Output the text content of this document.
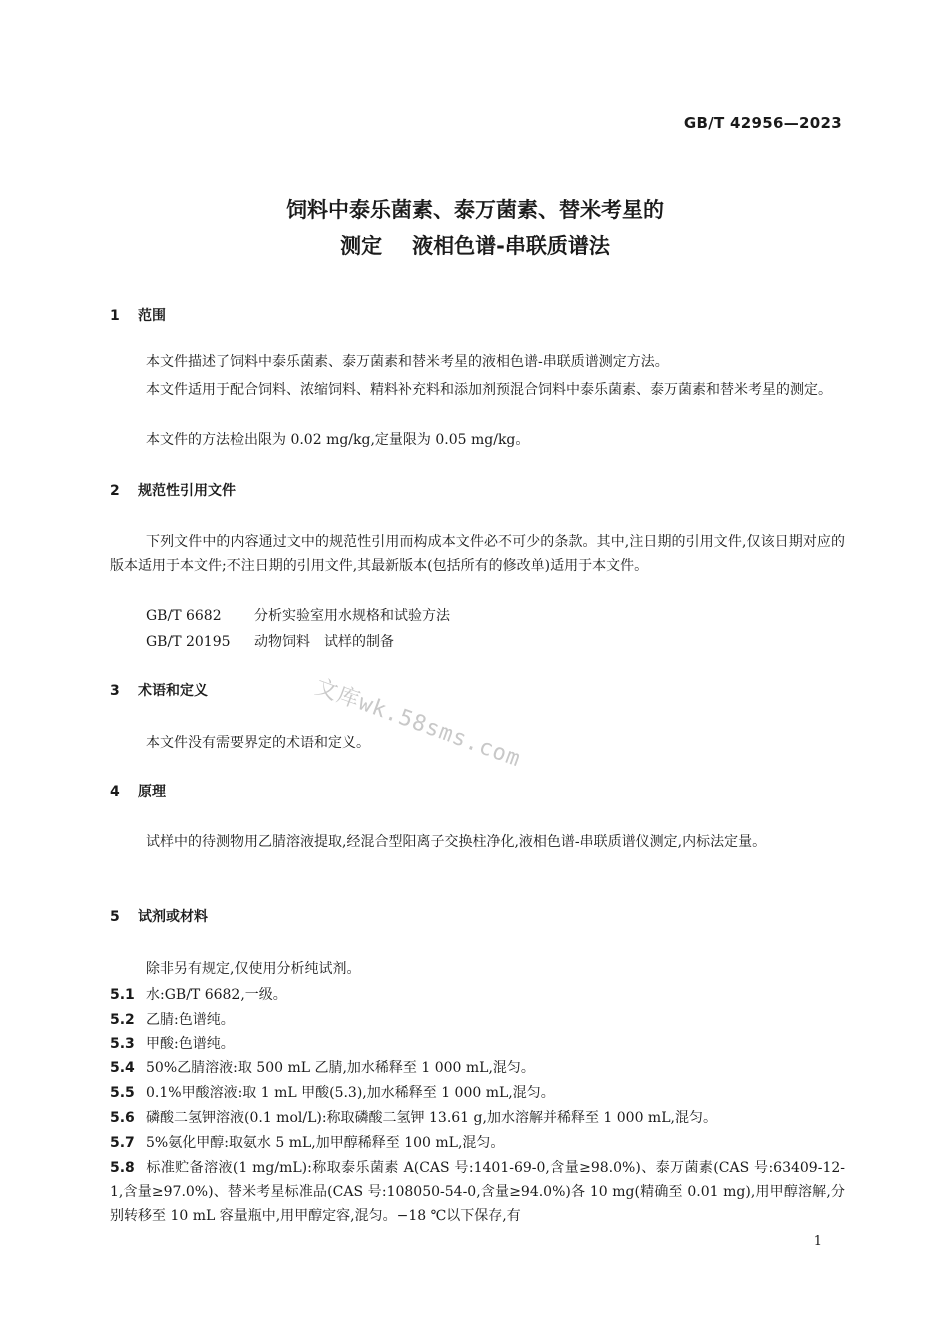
GB/T 42956—2023
饲料中泰乐菌素、泰万菌素、替米考星的
测定 液相色谱-串联质谱法
1 范围
本文件描述了饲料中泰乐菌素、泰万菌素和替米考星的液相色谱-串联质谱测定方法。
本文件适用于配合饲料、浓缩饲料、精料补充料和添加剂预混合饲料中泰乐菌素、泰万菌素和替米考星的测定。
本文件的方法检出限为 0.02 mg/kg,定量限为 0.05 mg/kg。
2 规范性引用文件
下列文件中的内容通过文中的规范性引用而构成本文件必不可少的条款。其中,注日期的引用文件,仅该日期对应的版本适用于本文件;不注日期的引用文件,其最新版本(包括所有的修改单)适用于本文件。
GB/T 6682 分析实验室用水规格和试验方法
GB/T 20195 动物饲料　试样的制备
3 术语和定义
本文件没有需要界定的术语和定义。
4 原理
试样中的待测物用乙腈溶液提取,经混合型阳离子交换柱净化,液相色谱-串联质谱仪测定,内标法定量。
5 试剂或材料
除非另有规定,仅使用分析纯试剂。
5.1 水:GB/T 6682,一级。
5.2 乙腈:色谱纯。
5.3 甲酸:色谱纯。
5.4 50%乙腈溶液:取 500 mL 乙腈,加水稀释至 1 000 mL,混匀。
5.5 0.1%甲酸溶液:取 1 mL 甲酸(5.3),加水稀释至 1 000 mL,混匀。
5.6 磷酸二氢钾溶液(0.1 mol/L):称取磷酸二氢钾 13.61 g,加水溶解并稀释至 1 000 mL,混匀。
5.7 5%氨化甲醇:取氨水 5 mL,加甲醇稀释至 100 mL,混匀。
5.8 标准贮备溶液(1 mg/mL):称取泰乐菌素 A(CAS 号:1401-69-0,含量≥98.0%)、泰万菌素(CAS 号:63409-12-1,含量≥97.0%)、替米考星标准品(CAS 号:108050-54-0,含量≥94.0%)各 10 mg(精确至 0.01 mg),用甲醇溶解,分别转移至 10 mL 容量瓶中,用甲醇定容,混匀。−18 ℃以下保存,有
文库wk.58sms.com
1
